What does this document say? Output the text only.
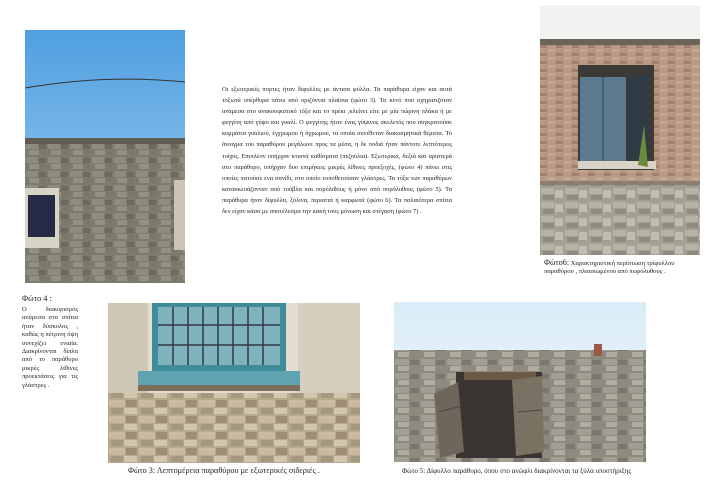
Οι εξωτερικές πορτες ήταν δίφυλλες με άντισα φύλλα. Τα παράθυρα είχαν και αυτά τοξωτά υπέρθυρα πάνω από οριζόντια πλαίσια (φώτο 3). Τα κενό που σχηματιζόταν ανάμεσα στο ανακουφιστικό τόξο και το πρέκι ,κλείνει είτε με μία πώρινη πλάκα ή με φεγγίτη από γύψο και γυαλί. Ο φεγγίτης ήταν ένας γύψινος σκελετός που συγκρατούσε κομμάτια γυαλιού, έγχρωμου ή άχρωμου, τα οποία συνέθεταν διακοσμητικά θέματα. Το άνοιγμα του παραθύρου μεγάλωνε προς τα μέσα, η δε ποδιά ήταν πάντοτε λεπτότερος τοίχος. Επιπλέον υπήρχαν κτιστά καθίσματα (πεζούλια). Εξωτερικά, δεξιά και αριστερά στο παράθυρο, υπήρχαν δυο επιμήκεις μικρές λίθινες προεξοχές, (φώτο 4) πάνω στις οποίες πατούσε ενα σανίδι, στο οποίο τοποθετούσαν γλάστρες. Τα τόξα των παραθύρων κατασκευάζονταν από τούβλα και πορόλιθους ή μόνο από πορόλυθους (φώτο 5). Τα παράθυρα ήταν δίφυλλα, ξύλινα, περαστά ή καρφωτά (φώτο 6). Τα παλαιότερα σπίτια δεν είχαν κάσα με αποτέλεσμα την κακή τους μόνωση και στέγαση (φώτο 7) .

Φώτο6: Χαρακτηριστική περίπτωση τρίφυλλου παραθύρου , πλαισιωμένου από πωρόλυθους .

Φώτο 4 :

Ο διακορισμός ανάμεσα στα σπίτια ήταν δύσκολος , καθώς η πέτρινη όψη συνεχίζει ενιαία. Διακρίνονται δίπλα από το παράθυρο μικρές λίθινες προεκτάσεις για τις γλάστρες .

Φώτο 3: Λεπτομέρεια παραθύρου με εξωτερικές σιδεριές .	Φώτο 5: Δίφυλλο παράθυρο, όπου στο ανώφλι διακρίνονται τα ξύλα υποστήριξης
